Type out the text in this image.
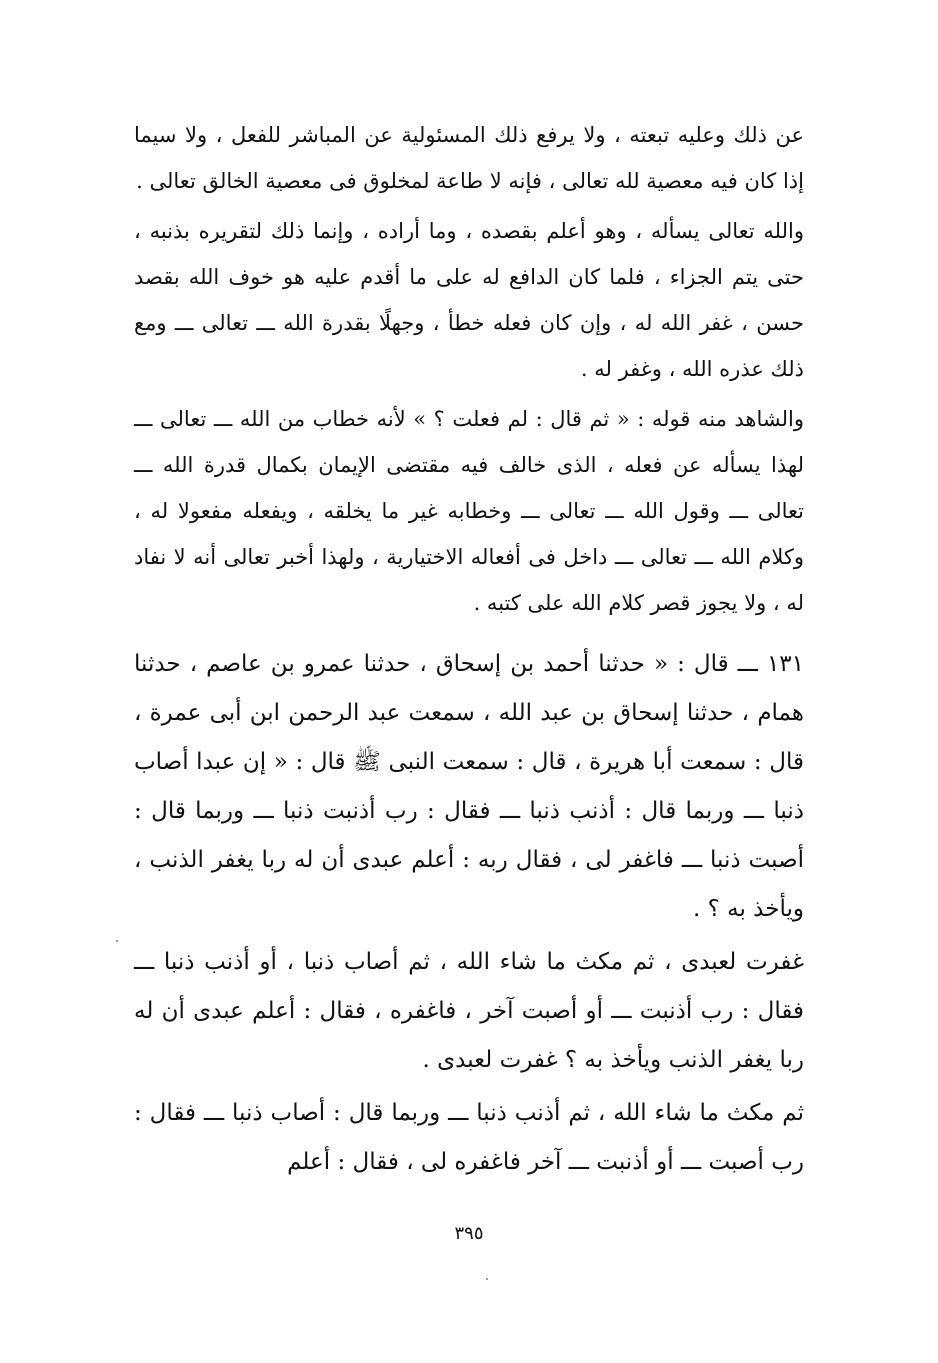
عن ذلك وعليه تبعته ، ولا يرفع ذلك المسئولية عن المباشر للفعل ، ولا سيما إذا كان فيه معصية لله تعالى ، فإنه لا طاعة لمخلوق فى معصية الخالق تعالى .

والله تعالى يسأله ، وهو أعلم بقصده ، وما أراده ، وإنما ذلك لتقريره بذنبه ، حتى يتم الجزاء ، فلما كان الدافع له على ما أقدم عليه هو خوف الله بقصد حسن ، غفر الله له ، وإن كان فعله خطأ ، وجهلًا بقدرة الله ـــ تعالى ـــ ومع ذلك عذره الله ، وغفر له .

والشاهد منه قوله : « ثم قال : لم فعلت ؟ » لأنه خطاب من الله ـــ تعالى ـــ لهذا يسأله عن فعله ، الذى خالف فيه مقتضى الإيمان بكمال قدرة الله ـــ تعالى ـــ وقول الله ـــ تعالى ـــ وخطابه غير ما يخلقه ، ويفعله مفعولا له ، وكلام الله ـــ تعالى ـــ داخل فى أفعاله الاختيارية ، ولهذا أخبر تعالى أنه لا نفاد له ، ولا يجوز قصر كلام الله على كتبه .

١٣١ ـــ قال : « حدثنا أحمد بن إسحاق ، حدثنا عمرو بن عاصم ، حدثنا همام ، حدثنا إسحاق بن عبد الله ، سمعت عبد الرحمن ابن أبى عمرة ، قال : سمعت أبا هريرة ، قال : سمعت النبى ﷺ قال : « إن عبدا أصاب ذنبا ـــ وربما قال : أذنب ذنبا ـــ فقال : رب أذنبت ذنبا ـــ وربما قال : أصبت ذنبا ـــ فاغفر لى ، فقال ربه : أعلم عبدى أن له ربا يغفر الذنب ، ويأخذ به ؟ .

غفرت لعبدى ، ثم مكث ما شاء الله ، ثم أصاب ذنبا ، أو أذنب ذنبا ـــ فقال : رب أذنبت ـــ أو أصبت آخر ، فاغفره ، فقال : أعلم عبدى أن له ربا يغفر الذنب ويأخذ به ؟ غفرت لعبدى .

ثم مكث ما شاء الله ، ثم أذنب ذنبا ـــ وربما قال : أصاب ذنبا ـــ فقال : رب أصبت ـــ أو أذنبت ـــ آخر فاغفره لى ، فقال : أعلم

٣٩٥
